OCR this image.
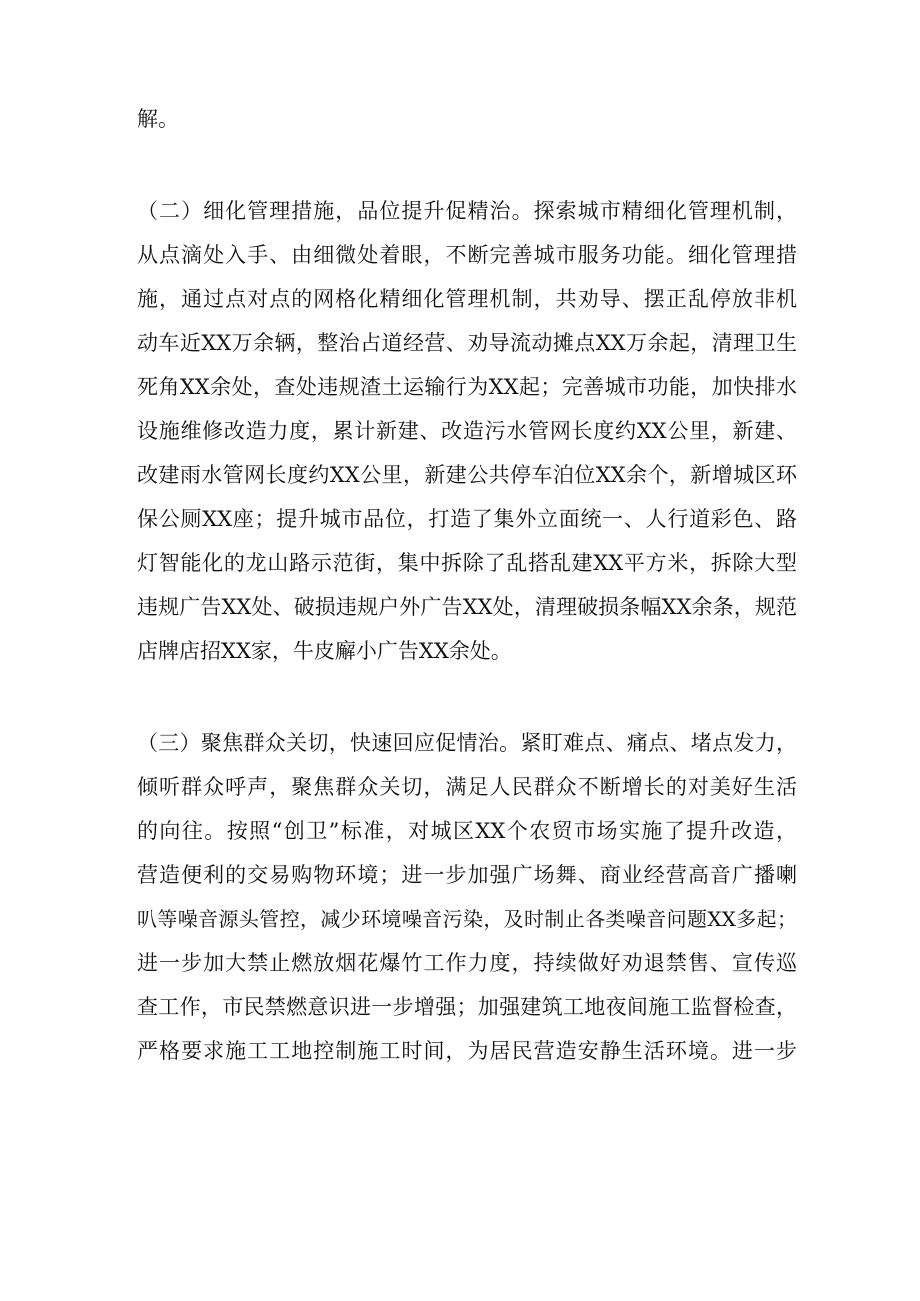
解。
（二）细化管理措施，品位提升促精治。探索城市精细化管理机制，
从点滴处入手、由细微处着眼，不断完善城市服务功能。细化管理措
施，通过点对点的网格化精细化管理机制，共劝导、摆正乱停放非机
动车近XX万余辆，整治占道经营、劝导流动摊点XX万余起，清理卫生
死角XX余处，查处违规渣土运输行为XX起；完善城市功能，加快排水
设施维修改造力度，累计新建、改造污水管网长度约XX公里，新建、
改建雨水管网长度约XX公里，新建公共停车泊位XX余个，新增城区环
保公厕XX座；提升城市品位，打造了集外立面统一、人行道彩色、路
灯智能化的龙山路示范街，集中拆除了乱搭乱建XX平方米，拆除大型
违规广告XX处、破损违规户外广告XX处，清理破损条幅XX余条，规范
店牌店招XX家，牛皮廨小广告XX余处。
（三）聚焦群众关切，快速回应促情治。紧盯难点、痛点、堵点发力，
倾听群众呼声，聚焦群众关切，满足人民群众不断增长的对美好生活
的向往。按照“创卫”标准，对城区XX个农贸市场实施了提升改造，
营造便利的交易购物环境；进一步加强广场舞、商业经营高音广播喇
叭等噪音源头管控，减少环境噪音污染，及时制止各类噪音问题XX多起；
进一步加大禁止燃放烟花爆竹工作力度，持续做好劝退禁售、宣传巡
查工作，市民禁燃意识进一步增强；加强建筑工地夜间施工监督检查，
严格要求施工工地控制施工时间，为居民营造安静生活环境。进一步
